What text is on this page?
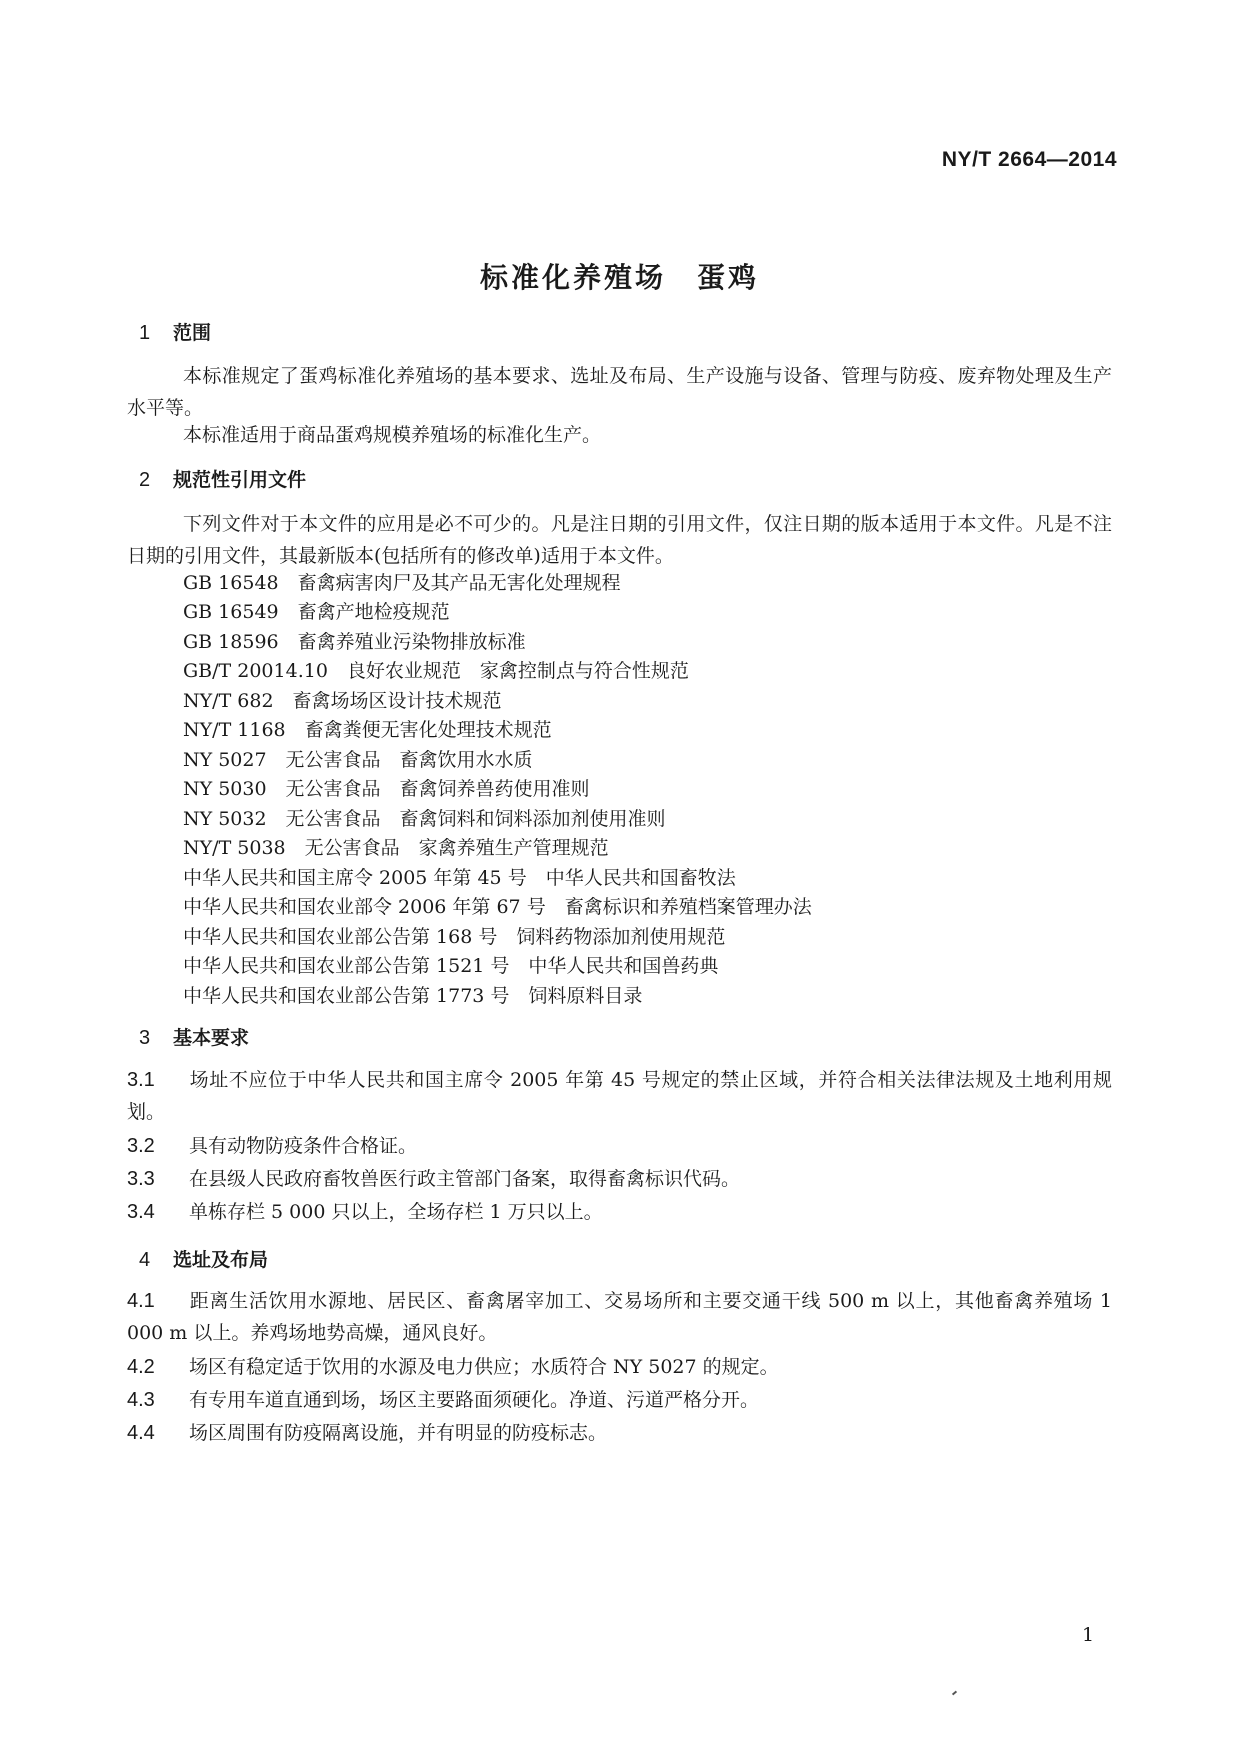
NY/T 2664—2014
标准化养殖场　蛋鸡
1 范围
本标准规定了蛋鸡标准化养殖场的基本要求、选址及布局、生产设施与设备、管理与防疫、废弃物处理及生产水平等。
本标准适用于商品蛋鸡规模养殖场的标准化生产。
2 规范性引用文件
下列文件对于本文件的应用是必不可少的。凡是注日期的引用文件，仅注日期的版本适用于本文件。凡是不注日期的引用文件，其最新版本(包括所有的修改单)适用于本文件。
GB 16548　畜禽病害肉尸及其产品无害化处理规程
GB 16549　畜禽产地检疫规范
GB 18596　畜禽养殖业污染物排放标准
GB/T 20014.10　良好农业规范　家禽控制点与符合性规范
NY/T 682　畜禽场场区设计技术规范
NY/T 1168　畜禽粪便无害化处理技术规范
NY 5027　无公害食品　畜禽饮用水水质
NY 5030　无公害食品　畜禽饲养兽药使用准则
NY 5032　无公害食品　畜禽饲料和饲料添加剂使用准则
NY/T 5038　无公害食品　家禽养殖生产管理规范
中华人民共和国主席令 2005 年第 45 号　中华人民共和国畜牧法
中华人民共和国农业部令 2006 年第 67 号　畜禽标识和养殖档案管理办法
中华人民共和国农业部公告第 168 号　饲料药物添加剂使用规范
中华人民共和国农业部公告第 1521 号　中华人民共和国兽药典
中华人民共和国农业部公告第 1773 号　饲料原料目录
3 基本要求
3.1 场址不应位于中华人民共和国主席令 2005 年第 45 号规定的禁止区域，并符合相关法律法规及土地利用规划。
3.2 具有动物防疫条件合格证。
3.3 在县级人民政府畜牧兽医行政主管部门备案，取得畜禽标识代码。
3.4 单栋存栏 5 000 只以上，全场存栏 1 万只以上。
4 选址及布局
4.1 距离生活饮用水源地、居民区、畜禽屠宰加工、交易场所和主要交通干线 500 m 以上，其他畜禽养殖场 1 000 m 以上。养鸡场地势高燥，通风良好。
4.2 场区有稳定适于饮用的水源及电力供应；水质符合 NY 5027 的规定。
4.3 有专用车道直通到场，场区主要路面须硬化。净道、污道严格分开。
4.4 场区周围有防疫隔离设施，并有明显的防疫标志。
1
